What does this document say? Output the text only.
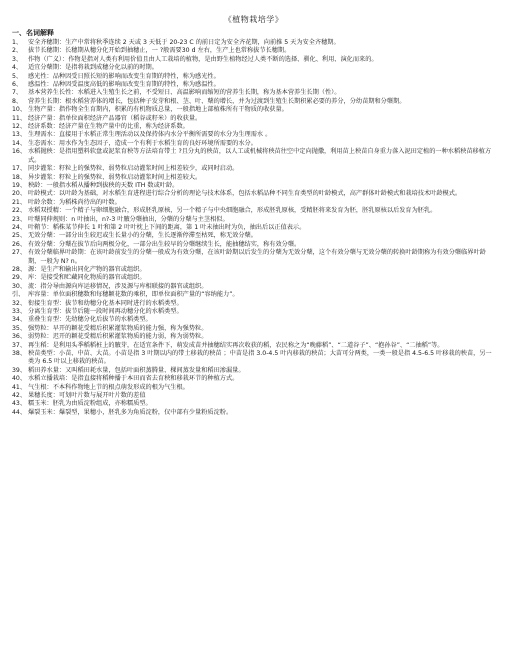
《植物栽培学》
一、名词解释
1、 安全齐穗期：生产中常将秋季连续 2 天或 3 天低于 20-23 C 的前日定为安全齐花期，向前推 5 天为安全齐穗期。
2、 拔节长穗期：长穗期从穗分化开始到抽穗止，一 ?般需要30 d 左右，生产上也常称拔节长穗期。
3、 作物（广义）：作物是指对人类有利用价值且由人工栽培的植物，是由野生植物经过人类不断的选择、驯化、利用、演化而来的。
4、 适宜分蘖期：是指将栽到成穗分化以前的时期。
5、 感光性：品种因受日照长短的影响而改变生育期的特性，称为感光性。
6、 感温性：品种因受温度高低的影响而改变生育期的特性，称为感温性。
7、 基本营养生长性：水稻进入生殖生长之前，不受短日、高温影响而缩短的营养生长期，称为基本营养生长期（性）。
8、 营养生长期：根水稻营养体的增长，包括种子发芽和根、茎、叶、蘖的增长，并为过渡到生殖生长期积累必要的养分，分幼苗期和分蘖期。
10、 生物产量：指作物全生育期内，积累的有机物质总量，一般指地上部植株所有干物质的收获量。
11、 经济产量：指单位面积经济产品器官（稻谷或籽米）的收获量。
12、 经济系数：经济产量在生物产量中的比重，称为经济系数。
13、 生理需水：直接用于水稻正常生理活动以及保持体内水分平衡所需要的水分为生理需水 。
14、 生态需水：用水作为生态因子，造成一个有利于水稻生育的良好环境所需要的水分。
16、 水稻抛秧：是指用塑料软盘或泥浆育秧等方法培育带土 ?且分丸的秧苗，以人工或机械将秧苗往空中定向抛撒，利用苗上秧苗自身重力落入泥田定植的一种水稻秧苗移植方式。
17、 同步灌浆：籽粒上的强势粒、弱势粒启动灌浆时间上相差较少，或同时启动。
18、 异步灌浆：籽粒上的强势粒、弱势粒启动灌浆时间上相差较大。
19、 秧龄：一般指水稻从播种到拔秧的天数 ITH 数或叶龄。
20、 叶龄模式：以叶龄为基础，对水稻生育进程进行综合分析的理论与技术体系，包括水稻品种不同生育类型的叶龄模式，高产群体叶龄模式和栽培技术叶龄模式。
21、 叶龄余数：为稻株尚待出的叶数。
22、 水稻双授精：一个精子与卵细胞融合，形成胚乳原核，另一个精子与中央细胞融合，形成胚乳原核，受精胚将来发育为胚，胚乳原核以后发育为胚乳。
23、 叶蘖同伸规则：n 叶抽出，n?-3 叶腋分蘖抽出，分蘖的分蘖与主茎相似。
24、 叶鞘节：稻株某节伸长 1 叶和第 2 叶叶枕上下间的距离，第 1 叶未抽出时为负，抽出后以正值表示。
25、 无效分蘖：一部分出生较迟或生长量小的分蘖，生长逐渐停滞至枯死，称无效分蘖。
26、 有效分蘖：分蘖在拔节后向两极分化，一部分出生较早的分蘖继续生长，能抽穗结实，称有效分蘖。
27、 有效分蘖临界叶龄期：在该叶龄前发生的分蘖一般成为有效分蘖，在该叶龄期以后发生的分蘖为无效分蘖，这个有效分蘖与无效分蘖的转换叶龄期称为有效分蘖临界叶龄期，一般为 N? n。
28、 源：是生产和输出同化产物的器官或组织。
29、 库：是接受和贮藏同化物质的器官或组织。
30、 流：指分导由源向库运移情况，涉及源与库相联接的器官或组织。
引、 库容量：单位面积穗数和每穗颖花数的乘积，即单位面积产量的“容纳能力”。
32、 衔接生育型：拔节和幼穗分化基本同时进行的水稻类型。
33、 分离生育型：拔节后随一段时间再动穗分化的水稻类型。
34、 重叠生育型：先幼穗分化后拔节的水稻类型。
35、 强势粒：早开的颖花受精后积累灌浆物质的能力强，称为强势粒。
36、 弱势粒：迟开的颖花受精后积累灌浆物质的能力弱，称为弱势粒。
37、 再生稻：是利用头季稻稻桩上的腋芽，在适宜条件下，萌发成苗并抽穗结实再次收获的稻，农民称之为“晚藤稻”、“二道谷子”、“抱孙谷”、“二抽稻”等。
38、 秧苗类型：小苗、中苗、大苗。小苗是指 3 叶期以内的带土移栽的秧苗 ；中苗是指 3.0-4.5 叶内移栽的秧苗；大苗可分两类，一类一般是指 4.5-6.5 叶移栽的秧苗，另一类为 6.5 叶以上移栽的秧苗。
39、 稻田养水量：又叫稻田耗水量，包括叶面积蒸腾量、棵间蒸发量和稻田渗漏量。
40、 水稻立播栽培：是指直接将稻种播于本田而省去育秧和移栽环节的种植方式。
41、 气生根：不本科作物地上节的根点萌发形成的根为气生根。
42、 果穗长度：可划叶片数与展开叶片数的差值
43、 糯玉米：胚乳为由质淀粉组成，亦称糯质型。
44、 爆裂玉米：爆裂型，果穗小，胚乳多为角质淀粉，仅中部有少量粉质淀粉。
